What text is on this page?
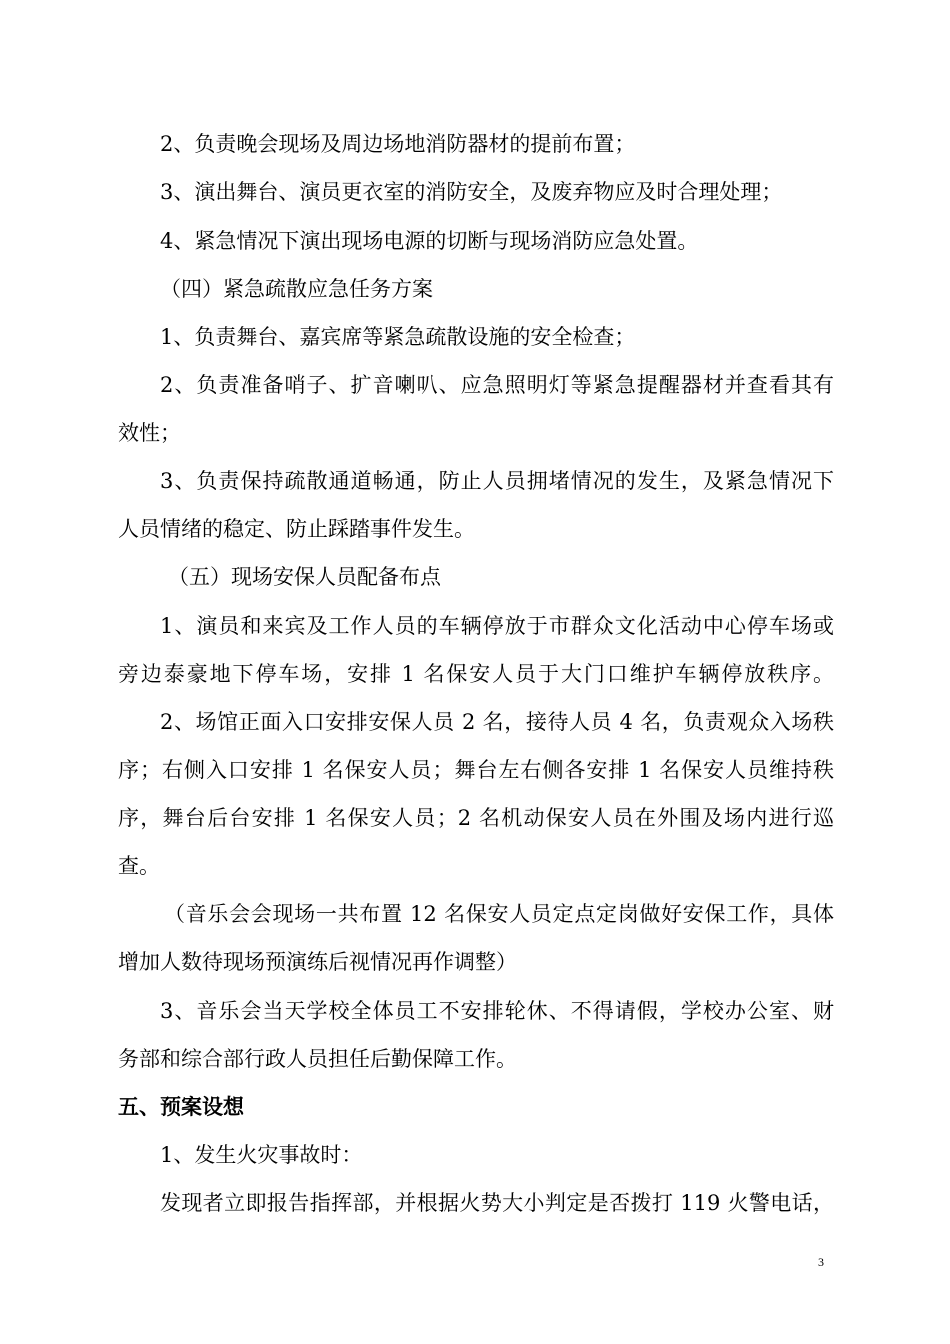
2、负责晚会现场及周边场地消防器材的提前布置；
3、演出舞台、演员更衣室的消防安全，及废弃物应及时合理处理；
4、紧急情况下演出现场电源的切断与现场消防应急处置。
（四）紧急疏散应急任务方案
1、负责舞台、嘉宾席等紧急疏散设施的安全检查；
2、负责准备哨子、扩音喇叭、应急照明灯等紧急提醒器材并查看其有
效性；
3、负责保持疏散通道畅通，防止人员拥堵情况的发生，及紧急情况下
人员情绪的稳定、防止踩踏事件发生。
（五）现场安保人员配备布点
1、演员和来宾及工作人员的车辆停放于市群众文化活动中心停车场或
旁边泰豪地下停车场，安排 1 名保安人员于大门口维护车辆停放秩序。
2、场馆正面入口安排安保人员 2 名，接待人员 4 名，负责观众入场秩
序；右侧入口安排 1 名保安人员；舞台左右侧各安排 1 名保安人员维持秩
序，舞台后台安排 1 名保安人员；2 名机动保安人员在外围及场内进行巡
查。
（音乐会会现场一共布置 12 名保安人员定点定岗做好安保工作，具体
增加人数待现场预演练后视情况再作调整）
3、音乐会当天学校全体员工不安排轮休、不得请假，学校办公室、财
务部和综合部行政人员担任后勤保障工作。
五、预案设想
1、发生火灾事故时：
发现者立即报告指挥部，并根据火势大小判定是否拨打 119 火警电话，
3
